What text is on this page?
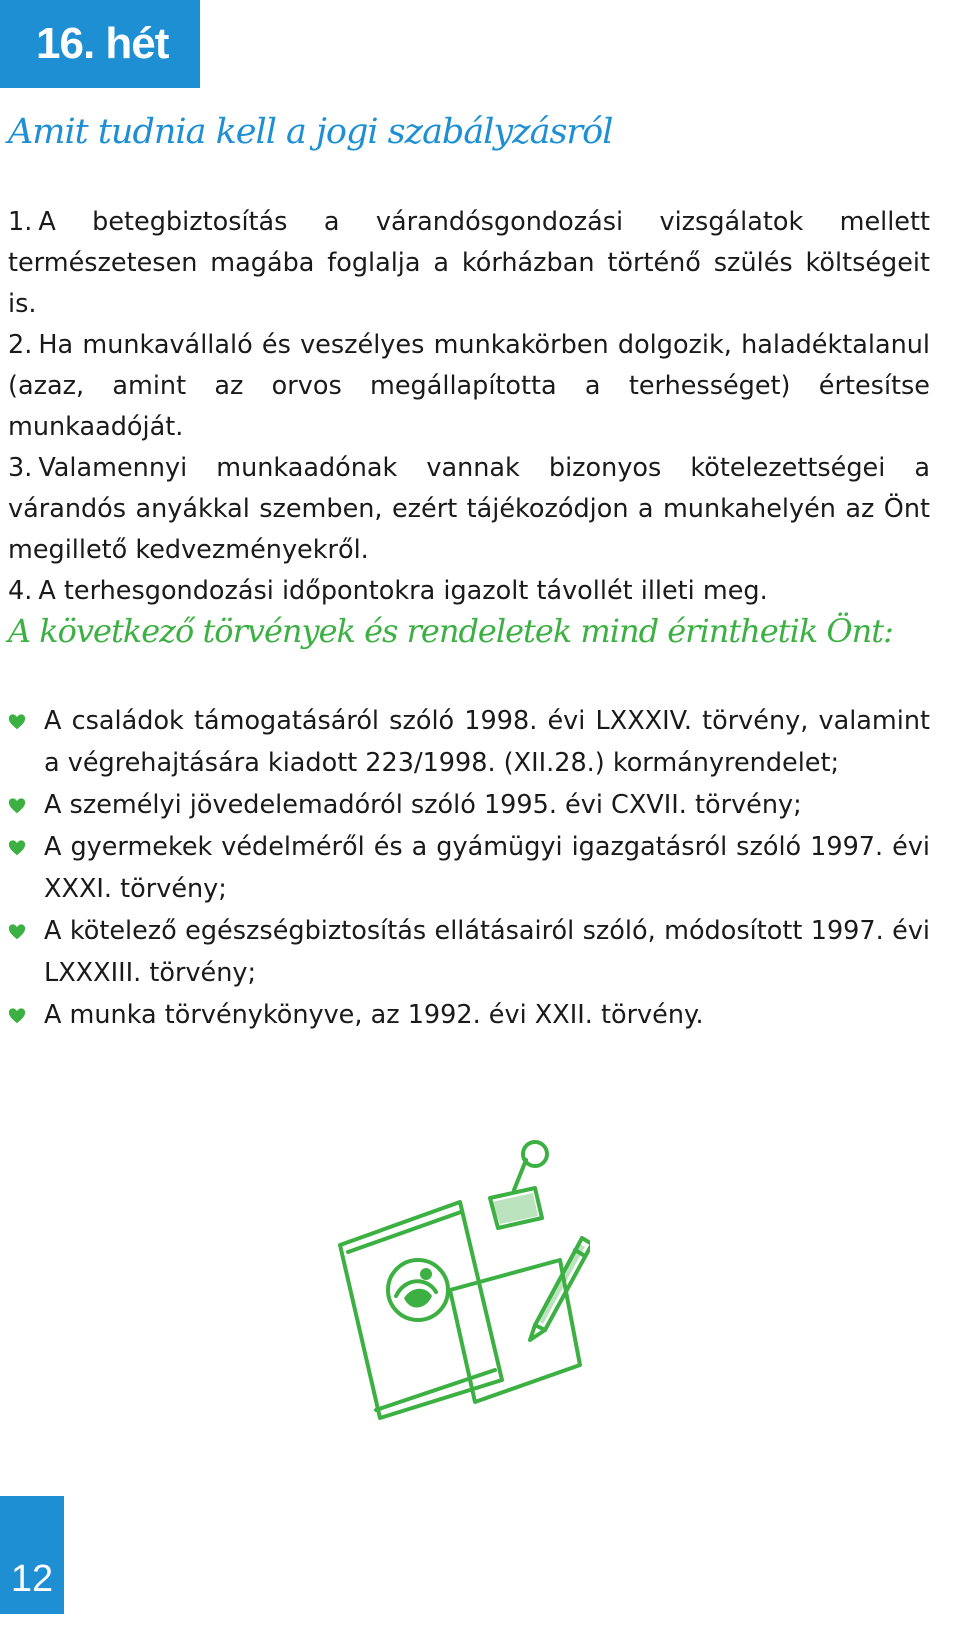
16. hét
Amit tudnia kell a jogi szabályzásról
1. A betegbiztosítás a várandósgondozási vizsgálatok mellett természetesen magába foglalja a kórházban történő szülés költségeit is.
2. Ha munkavállaló és veszélyes munkakörben dolgozik, haladéktalanul (azaz, amint az orvos megállapította a terhességet) értesítse munkaadóját.
3. Valamennyi munkaadónak vannak bizonyos kötelezettségei a várandós anyákkal szemben, ezért tájékozódjon a munkahelyén az Önt megillető kedvezményekről.
4. A terhesgondozási időpontokra igazolt távollét illeti meg.
A következő törvények és rendeletek mind érinthetik Önt:
A családok támogatásáról szóló 1998. évi LXXXIV. törvény, valamint a végrehajtására kiadott 223/1998. (XII.28.) kormányrendelet;
A személyi jövedelemadóról szóló 1995. évi CXVII. törvény;
A gyermekek védelméről és a gyámügyi igazgatásról szóló 1997. évi XXXI. törvény;
A kötelező egészségbiztosítás ellátásairól szóló, módosított 1997. évi LXXXIII. törvény;
A munka törvénykönyve, az 1992. évi XXII. törvény.
12
